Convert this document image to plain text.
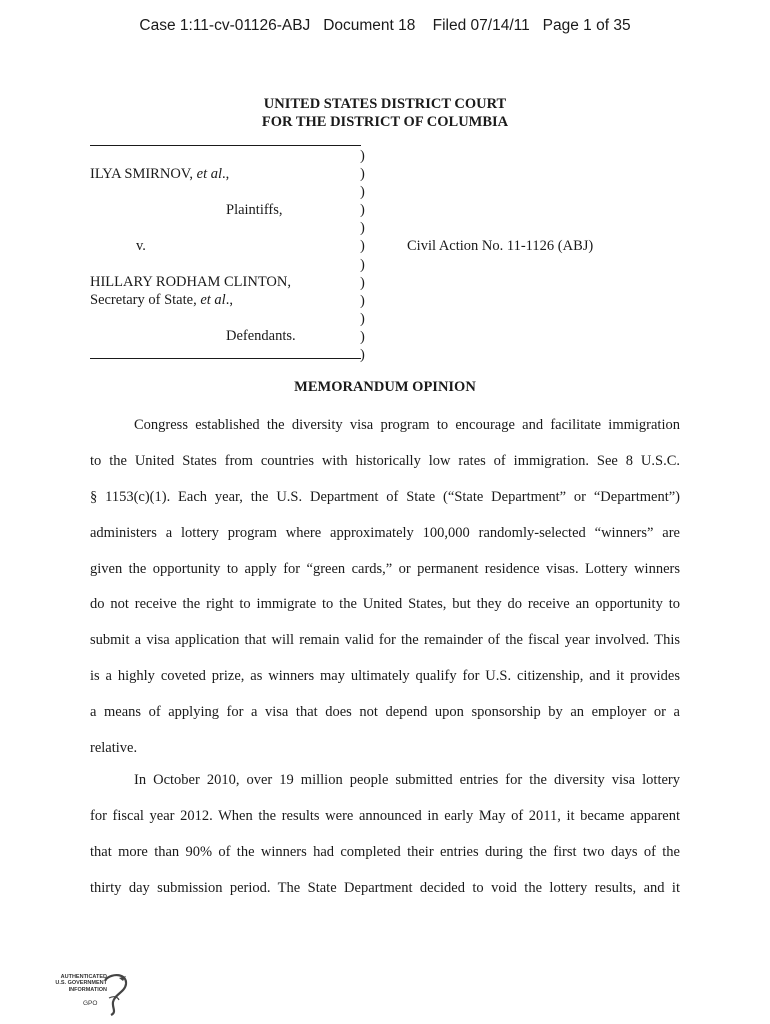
Case 1:11-cv-01126-ABJ Document 18 Filed 07/14/11 Page 1 of 35
UNITED STATES DISTRICT COURT
FOR THE DISTRICT OF COLUMBIA
ILYA SMIRNOV, et al.,
Plaintiffs,
v.
HILLARY RODHAM CLINTON,
Secretary of State, et al.,
Defendants.
Civil Action No. 11-1126 (ABJ)
)
)
)
)
)
)
)
)
)
)
)
)
MEMORANDUM OPINION
Congress established the diversity visa program to encourage and facilitate immigration
to the United States from countries with historically low rates of immigration. See 8 U.S.C.
§ 1153(c)(1). Each year, the U.S. Department of State (“State Department” or “Department”)
administers a lottery program where approximately 100,000 randomly-selected “winners” are
given the opportunity to apply for “green cards,” or permanent residence visas. Lottery winners
do not receive the right to immigrate to the United States, but they do receive an opportunity to
submit a visa application that will remain valid for the remainder of the fiscal year involved. This
is a highly coveted prize, as winners may ultimately qualify for U.S. citizenship, and it provides
a means of applying for a visa that does not depend upon sponsorship by an employer or a
relative.
In October 2010, over 19 million people submitted entries for the diversity visa lottery
for fiscal year 2012. When the results were announced in early May of 2011, it became apparent
that more than 90% of the winners had completed their entries during the first two days of the
thirty day submission period. The State Department decided to void the lottery results, and it
AUTHENTICATED
U.S. GOVERNMENT
INFORMATION
GPO
